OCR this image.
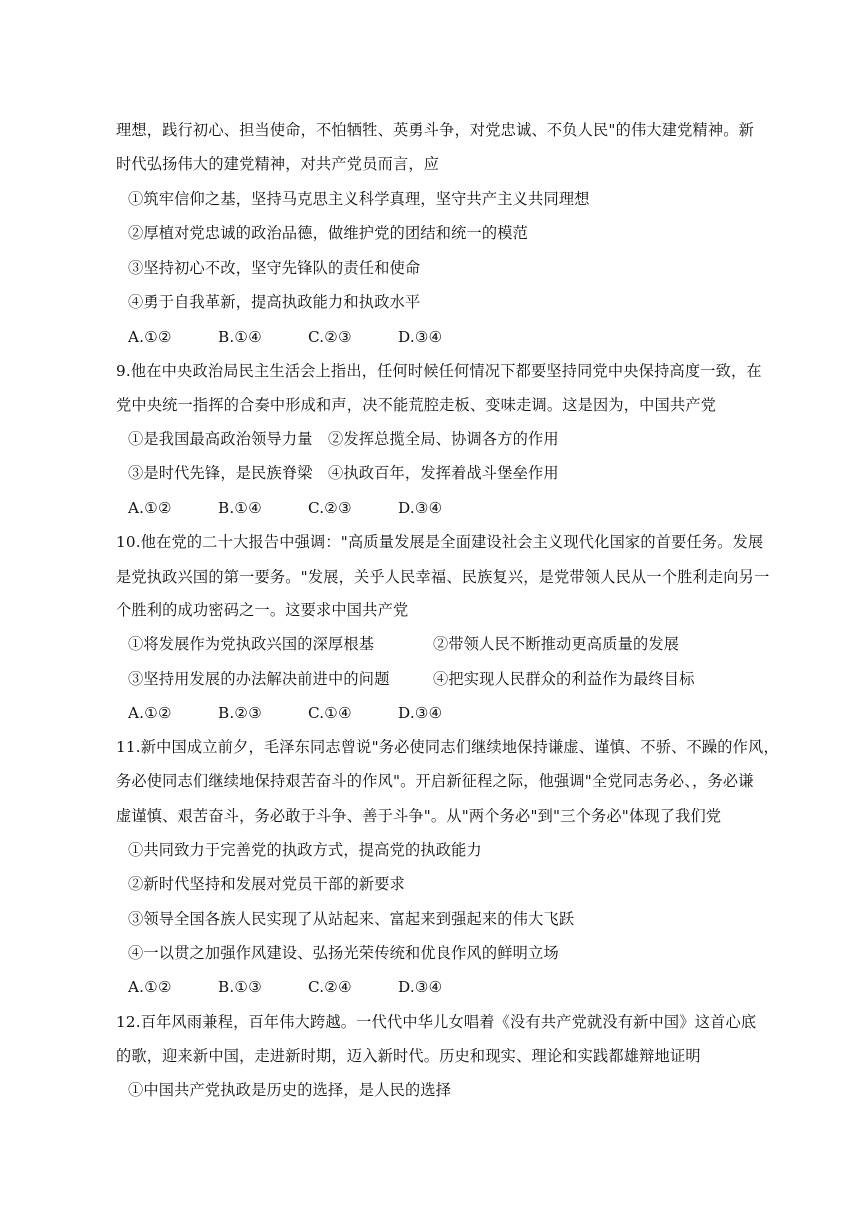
理想，践行初心、担当使命，不怕牺牲、英勇斗争，对党忠诚、不负人民"的伟大建党精神。新
时代弘扬伟大的建党精神，对共产党员而言，应
①筑牢信仰之基，坚持马克思主义科学真理，坚守共产主义共同理想
②厚植对党忠诚的政治品德，做维护党的团结和统一的模范
③坚持初心不改，坚守先锋队的责任和使命
④勇于自我革新，提高执政能力和执政水平
A.①②	B.①④	C.②③	D.③④
9.他在中央政治局民主生活会上指出，任何时候任何情况下都要坚持同党中央保持高度一致，在
党中央统一指挥的合奏中形成和声，决不能荒腔走板、变味走调。这是因为，中国共产党
①是我国最高政治领导力量	②发挥总揽全局、协调各方的作用
③是时代先锋，是民族脊梁	④执政百年，发挥着战斗堡垒作用
A.①②	B.①④	C.②③	D.③④
10.他在党的二十大报告中强调："高质量发展是全面建设社会主义现代化国家的首要任务。发展
是党执政兴国的第一要务。"发展，关乎人民幸福、民族复兴，是党带领人民从一个胜利走向另一
个胜利的成功密码之一。这要求中国共产党
①将发展作为党执政兴国的深厚根基	②带领人民不断推动更高质量的发展
③坚持用发展的办法解决前进中的问题	④把实现人民群众的利益作为最终目标
A.①②	B.②③	C.①④	D.③④
11.新中国成立前夕，毛泽东同志曾说"务必使同志们继续地保持谦虚、谨慎、不骄、不躁的作风，
务必使同志们继续地保持艰苦奋斗的作风"。开启新征程之际，他强调"全党同志务必、，务必谦
虚谨慎、艰苦奋斗，务必敢于斗争、善于斗争"。从"两个务必"到"三个务必"体现了我们党
①共同致力于完善党的执政方式，提高党的执政能力
②新时代坚持和发展对党员干部的新要求
③领导全国各族人民实现了从站起来、富起来到强起来的伟大飞跃
④一以贯之加强作风建设、弘扬光荣传统和优良作风的鲜明立场
A.①②	B.①③	C.②④	D.③④
12.百年风雨兼程，百年伟大跨越。一代代中华儿女唱着《没有共产党就没有新中国》这首心底
的歌，迎来新中国，走进新时期，迈入新时代。历史和现实、理论和实践都雄辩地证明
①中国共产党执政是历史的选择，是人民的选择
